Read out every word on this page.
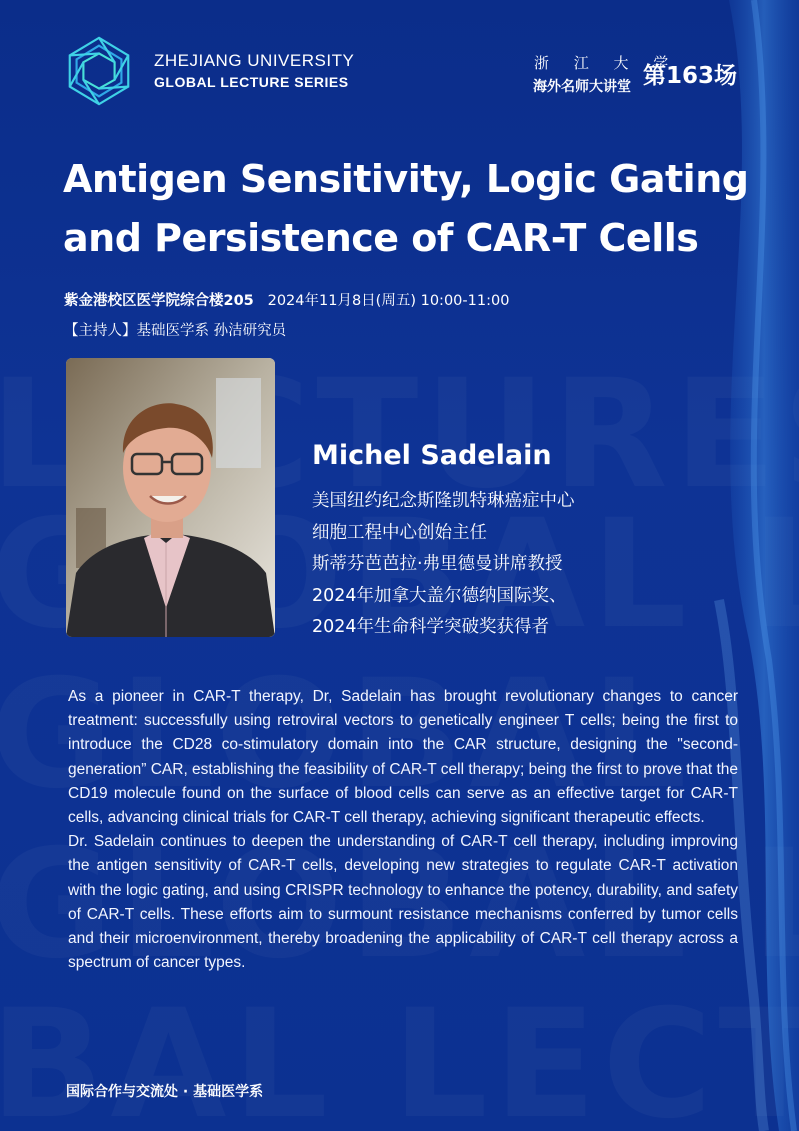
ZHEJIANG UNIVERSITY
GLOBAL LECTURE SERIES
浙 江 大 学
海外名师大讲堂 第163场
Antigen Sensitivity, Logic Gating and Persistence of CAR-T Cells
紫金港校区医学院综合楼205 2024年11月8日(周五) 10:00-11:00
【主持人】基础医学系 孙洁研究员
Michel Sadelain
美国纽约纪念斯隆凯特琳癌症中心
细胞工程中心创始主任
斯蒂芬芭芭拉·弗里德曼讲席教授
2024年加拿大盖尔德纳国际奖、
2024年生命科学突破奖获得者

As a pioneer in CAR-T therapy, Dr, Sadelain has brought revolutionary changes to cancer treatment: successfully using retroviral vectors to genetically engineer T cells; being the first to introduce the CD28 co-stimulatory domain into the CAR structure, designing the "second-generation” CAR, establishing the feasibility of CAR-T cell therapy; being the first to prove that the CD19 molecule found on the surface of blood cells can serve as an effective target for CAR-T cells, advancing clinical trials for CAR-T cell therapy, achieving significant therapeutic effects.

Dr. Sadelain continues to deepen the understanding of CAR-T cell therapy, including improving the antigen sensitivity of CAR-T cells, developing new strategies to regulate CAR-T activation with the logic gating, and using CRISPR technology to enhance the potency, durability, and safety of CAR-T cells. These efforts aim to surmount resistance mechanisms conferred by tumor cells and their microenvironment, thereby broadening the applicability of CAR-T cell therapy across a spectrum of cancer types.

国际合作与交流处 · 基础医学系
